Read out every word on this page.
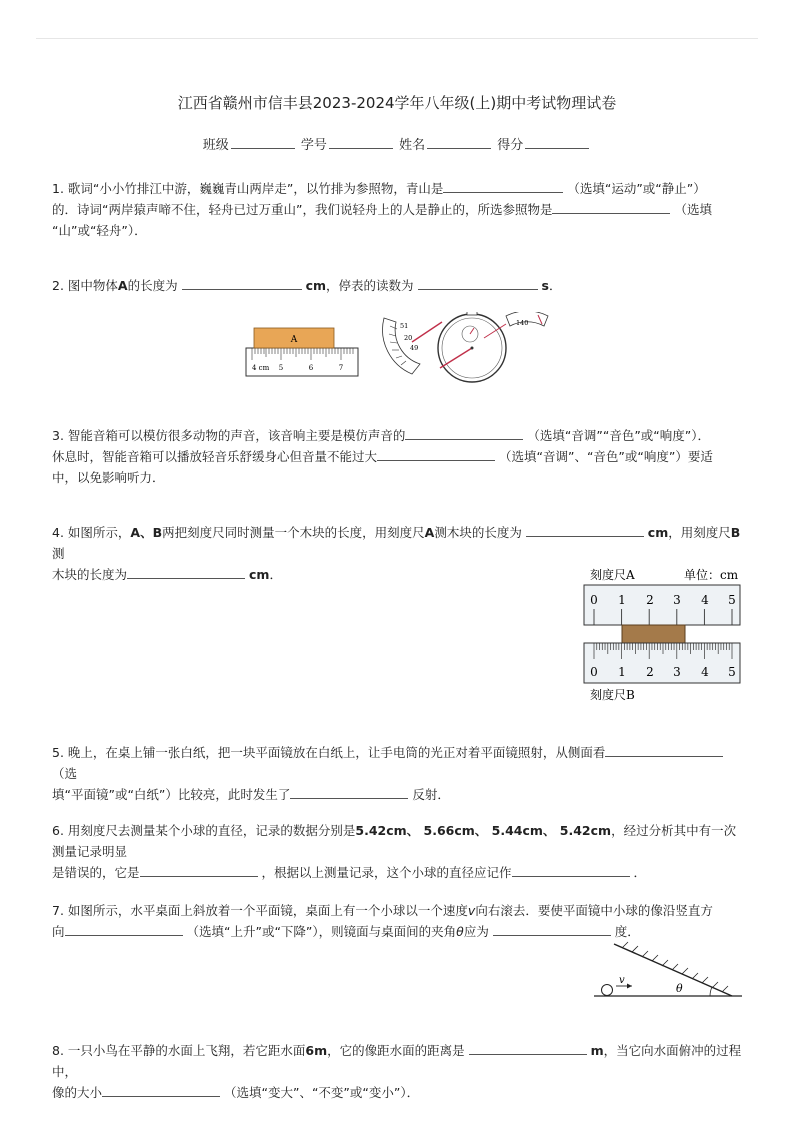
江西省赣州市信丰县2023-2024学年八年级(上)期中考试物理试卷
班级	学号	姓名	得分
1. 歌词“小小竹排江中游，巍巍青山两岸走”，以竹排为参照物，青山是	（选填“运动”或“静止”）
的．诗词“两岸猿声啼不住，轻舟已过万重山”，我们说轻舟上的人是静止的，所选参照物是	（选填
“山”或“轻舟”）．
2. 图中物体A的长度为	cm，停表的读数为	s．
A
4 cm 5	6	7
51
20
49
140
3. 智能音箱可以模仿很多动物的声音，该音响主要是模仿声音的	（选填“音调”“音色”或“响度”）．
休息时，智能音箱可以播放轻音乐舒缓身心但音量不能过大	（选填“音调”、“音色”或“响度”）要适
中，以免影响听力．
4. 如图所示，A、B两把刻度尺同时测量一个木块的长度，用刻度尺A测木块的长度为	cm，用刻度尺B测
木块的长度为	cm．	刻度尺A	单位：cm
0 1 2 3 4 5
0 1 2 3 4 5
刻度尺B
5. 晚上，在桌上铺一张白纸，把一块平面镜放在白纸上，让手电筒的光正对着平面镜照射，从侧面看 （选
填“平面镜”或“白纸”）比较亮，此时发生了	反射．
6. 用刻度尺去测量某个小球的直径，记录的数据分别是5.42cm、 5.66cm、 5.44cm、 5.42cm，经过分析其中有一次测量记录明显
是错误的，它是	，根据以上测量记录，这个小球的直径应记作	．
7. 如图所示，水平桌面上斜放着一个平面镜，桌面上有一个小球以一个速度v向右滚去．要使平面镜中小球的像沿竖直方
向	（选填“上升”或“下降”），则镜面与桌面间的夹角θ应为	度．
θ
v
8. 一只小鸟在平静的水面上飞翔，若它距水面6m，它的像距水面的距离是	m，当它向水面俯冲的过程中，
像的大小	（选填“变大”、“不变”或“变小”）．
